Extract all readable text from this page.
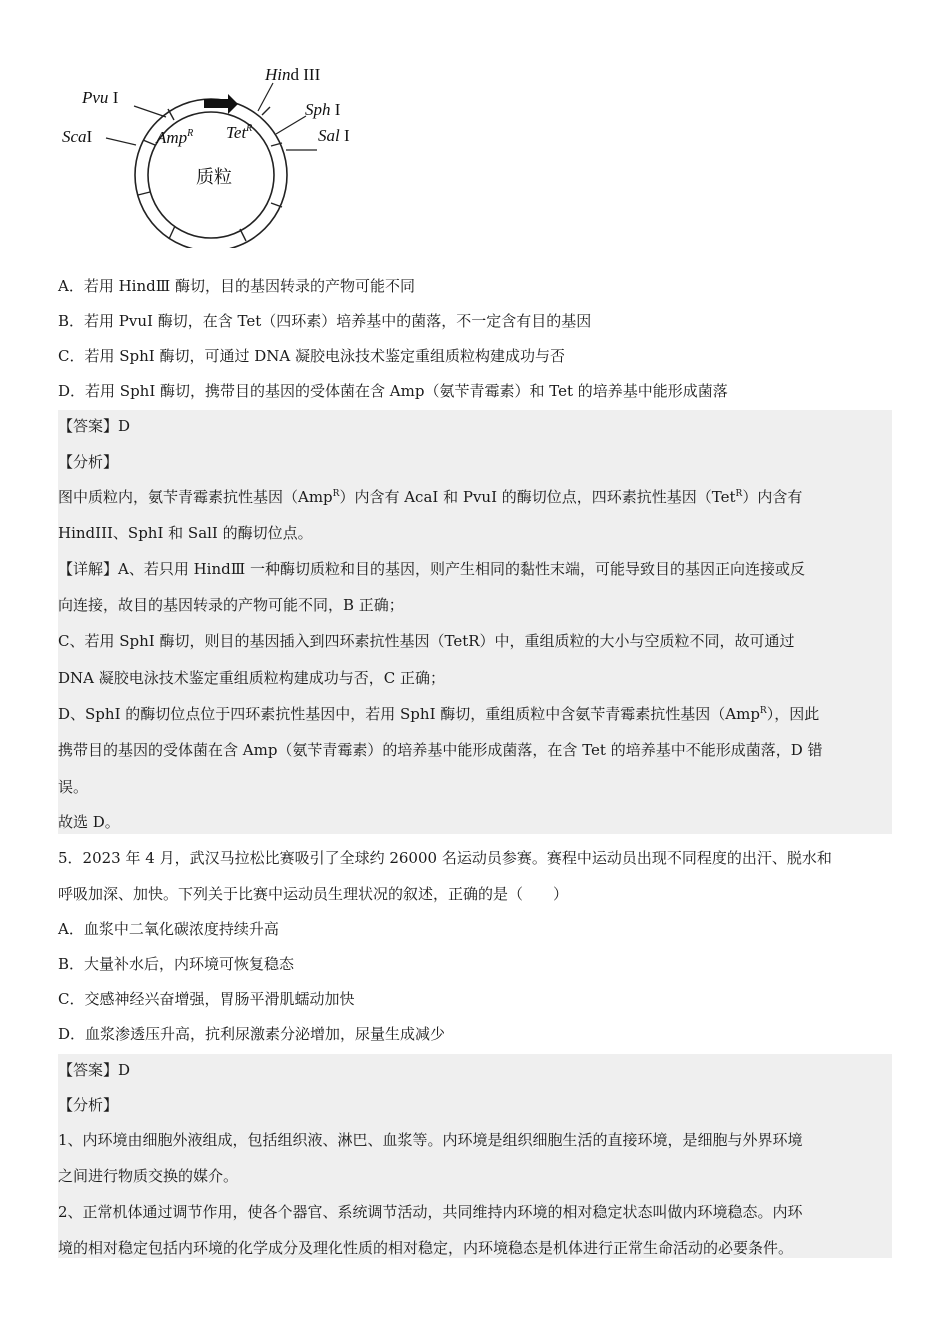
Hind III
Sph I
Sal I
Pvu I
ScaI	Amp$^R$ Tet$^R$
质粒
A．若用 HindⅢ 酶切，目的基因转录的产物可能不同
B．若用 PvuI 酶切，在含 Tet（四环素）培养基中的菌落，不一定含有目的基因
C．若用 SphI 酶切，可通过 DNA 凝胶电泳技术鉴定重组质粒构建成功与否
D．若用 SphI 酶切，携带目的基因的受体菌在含 Amp（氨苄青霉素）和 Tet 的培养基中能形成菌落
【答案】D
【分析】
图中质粒内，氨苄青霉素抗性基因（Amp$^R$）内含有 AcaI 和 PvuI 的酶切位点，四环素抗性基因（Tet$^R$）内含有
HindIII、SphI 和 SalI 的酶切位点。
【详解】A、若只用 HindⅢ 一种酶切质粒和目的基因，则产生相同的黏性末端，可能导致目的基因正向连接或反
向连接，故目的基因转录的产物可能不同，B 正确；
C、若用 SphI 酶切，则目的基因插入到四环素抗性基因（TetR）中，重组质粒的大小与空质粒不同，故可通过
DNA 凝胶电泳技术鉴定重组质粒构建成功与否，C 正确；
D、SphI 的酶切位点位于四环素抗性基因中，若用 SphI 酶切，重组质粒中含氨苄青霉素抗性基因（Amp$^R$），因此
携带目的基因的受体菌在含 Amp（氨苄青霉素）的培养基中能形成菌落，在含 Tet 的培养基中不能形成菌落，D 错
误。
故选 D。
5．2023 年 4 月，武汉马拉松比赛吸引了全球约 26000 名运动员参赛。赛程中运动员出现不同程度的出汗、脱水和
呼吸加深、加快。下列关于比赛中运动员生理状况的叙述，正确的是（　　）
A．血浆中二氧化碳浓度持续升高
B．大量补水后，内环境可恢复稳态
C．交感神经兴奋增强，胃肠平滑肌蠕动加快
D．血浆渗透压升高，抗利尿激素分泌增加，尿量生成减少
【答案】D
【分析】
1、内环境由细胞外液组成，包括组织液、淋巴、血浆等。内环境是组织细胞生活的直接环境，是细胞与外界环境
之间进行物质交换的媒介。
2、正常机体通过调节作用，使各个器官、系统调节活动，共同维持内环境的相对稳定状态叫做内环境稳态。内环
境的相对稳定包括内环境的化学成分及理化性质的相对稳定，内环境稳态是机体进行正常生命活动的必要条件。
